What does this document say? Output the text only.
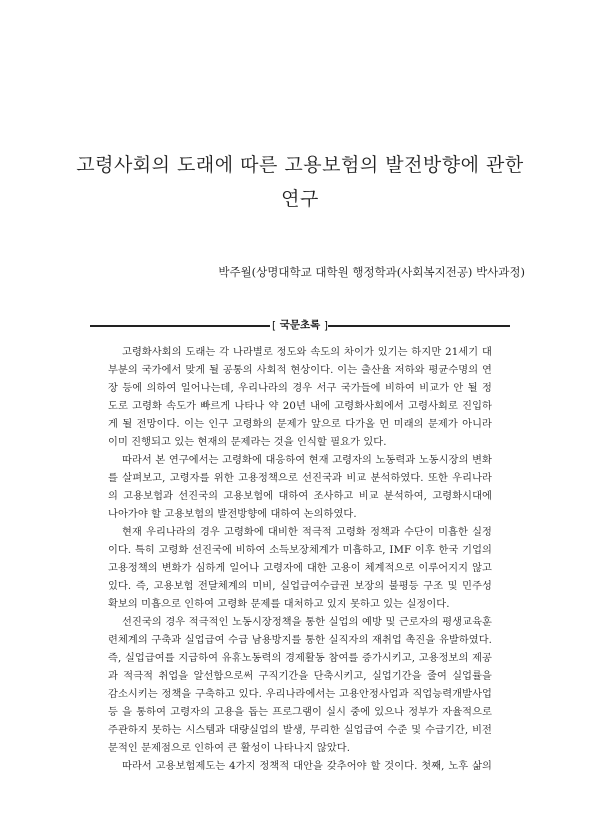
고령사회의 도래에 따른 고용보험의 발전방향에 관한
연구
박주월(상명대학교 대학원 행정학과(사회복지전공) 박사과정)
[ 국문초록 ]
고령화사회의 도래는 각 나라별로 정도와 속도의 차이가 있기는 하지만 21세기 대
부분의 국가에서 맞게 될 공통의 사회적 현상이다. 이는 출산율 저하와 평균수명의 연
장 등에 의하여 일어나는데, 우리나라의 경우 서구 국가들에 비하여 비교가 안 될 정
도로 고령화 속도가 빠르게 나타나 약 20년 내에 고령화사회에서 고령사회로 진입하
게 될 전망이다. 이는 인구 고령화의 문제가 앞으로 다가올 먼 미래의 문제가 아니라
이미 진행되고 있는 현재의 문제라는 것을 인식할 필요가 있다.
따라서 본 연구에서는 고령화에 대응하여 현재 고령자의 노동력과 노동시장의 변화
를 살펴보고, 고령자를 위한 고용정책으로 선진국과 비교 분석하였다. 또한 우리나라
의 고용보험과 선진국의 고용보험에 대하여 조사하고 비교 분석하여, 고령화시대에
나아가야 할 고용보험의 발전방향에 대하여 논의하였다.
현재 우리나라의 경우 고령화에 대비한 적극적 고령화 정책과 수단이 미흡한 실정
이다. 특히 고령화 선진국에 비하여 소득보장체계가 미흡하고, IMF 이후 한국 기업의
고용정책의 변화가 심하게 일어나 고령자에 대한 고용이 체계적으로 이루어지지 않고
있다. 즉, 고용보험 전달체계의 미비, 실업급여수급권 보장의 불평등 구조 및 민주성
확보의 미흡으로 인하여 고령화 문제를 대처하고 있지 못하고 있는 실정이다.
선진국의 경우 적극적인 노동시장정책을 통한 실업의 예방 및 근로자의 평생교육훈
련체계의 구축과 실업급여 수급 남용방지를 통한 실직자의 재취업 촉진을 유발하였다.
즉, 실업급여를 지급하여 유휴노동력의 경제활동 참여를 증가시키고, 고용정보의 제공
과 적극적 취업을 알선함으로써 구직기간을 단축시키고, 실업기간을 줄여 실업률을
감소시키는 정책을 구축하고 있다. 우리나라에서는 고용안정사업과 직업능력개발사업
등 을 통하여 고령자의 고용을 돕는 프로그램이 실시 중에 있으나 정부가 자율적으로
주관하지 못하는 시스템과 대량실업의 발생, 무리한 실업급여 수준 및 수급기간, 비전
문적인 문제점으로 인하여 큰 활성이 나타나지 않았다.
따라서 고용보험제도는 4가지 정책적 대안을 갖추어야 할 것이다. 첫째, 노후 삶의
